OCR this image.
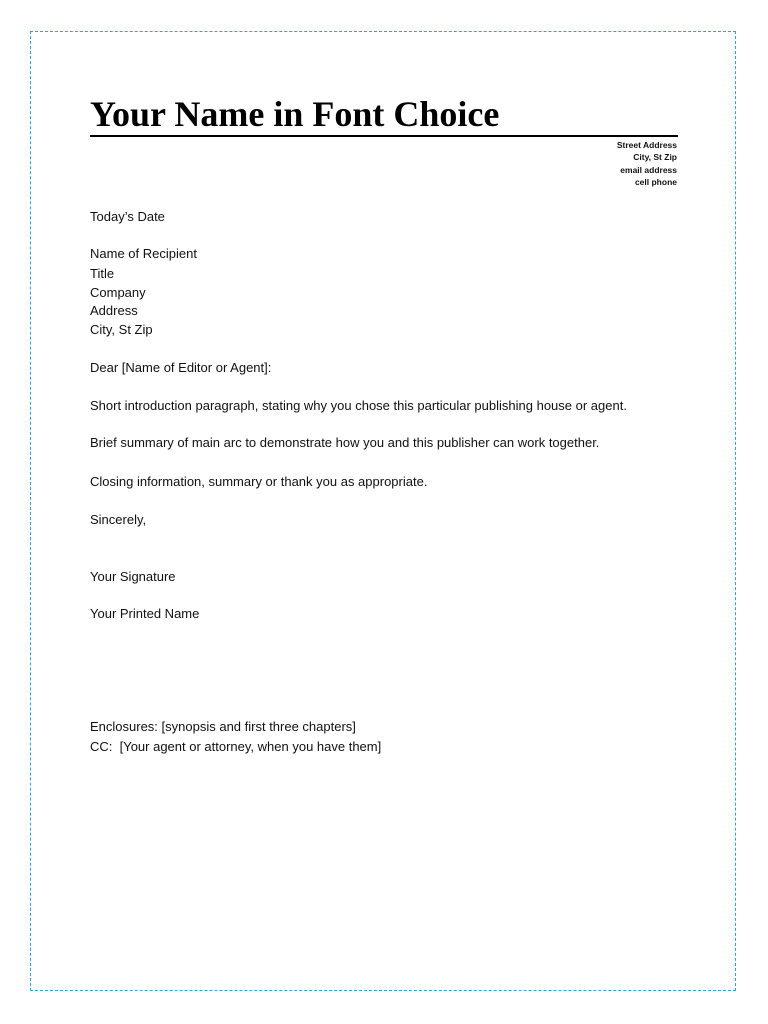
Your Name in Font Choice
Street Address
City, St Zip
email address
cell phone

Today’s Date

Name of Recipient

Title

Company

Address

City, St Zip

Dear [Name of Editor or Agent]:

Short introduction paragraph, stating why you chose this particular publishing house or agent.

Brief summary of main arc to demonstrate how you and this publisher can work together.

Closing information, summary or thank you as appropriate.

Sincerely,

Your Signature

Your Printed Name

Enclosures: [synopsis and first three chapters]

CC:  [Your agent or attorney, when you have them]
